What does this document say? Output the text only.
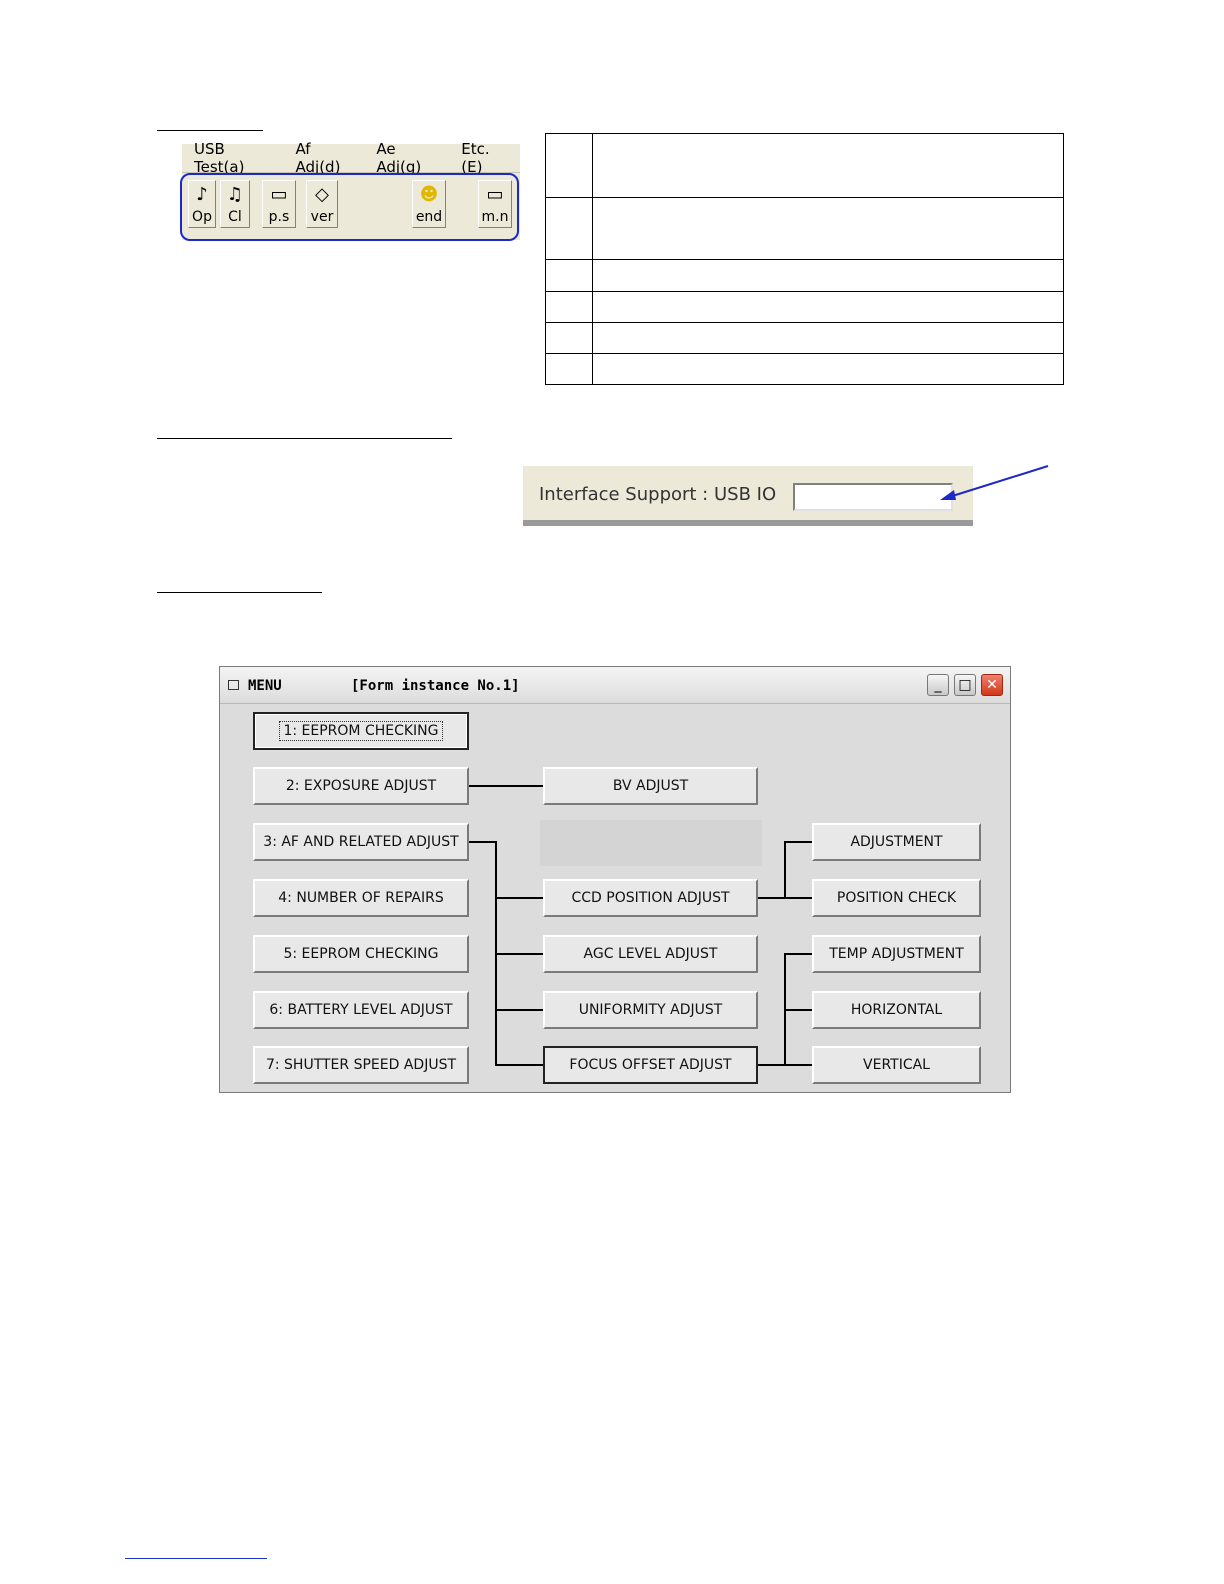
USB Test(a)
Af Adj(d)
Ae Adj(g)
Etc. (E)
♪
Op
♫
Cl
▭
p.s
◇
ver
☻
end
▭
m.n

Interface Support : USB IO
MENU	[Form instance No.1]	_	□	✕
1: EEPROM CHECKING
2: EXPOSURE ADJUST
3: AF AND RELATED ADJUST
4: NUMBER OF REPAIRS
5: EEPROM CHECKING
6: BATTERY LEVEL ADJUST
7: SHUTTER SPEED ADJUST
BV ADJUST
CCD POSITION ADJUST
AGC LEVEL ADJUST
UNIFORMITY ADJUST
FOCUS OFFSET ADJUST
ADJUSTMENT
POSITION CHECK
TEMP ADJUSTMENT
HORIZONTAL
VERTICAL
